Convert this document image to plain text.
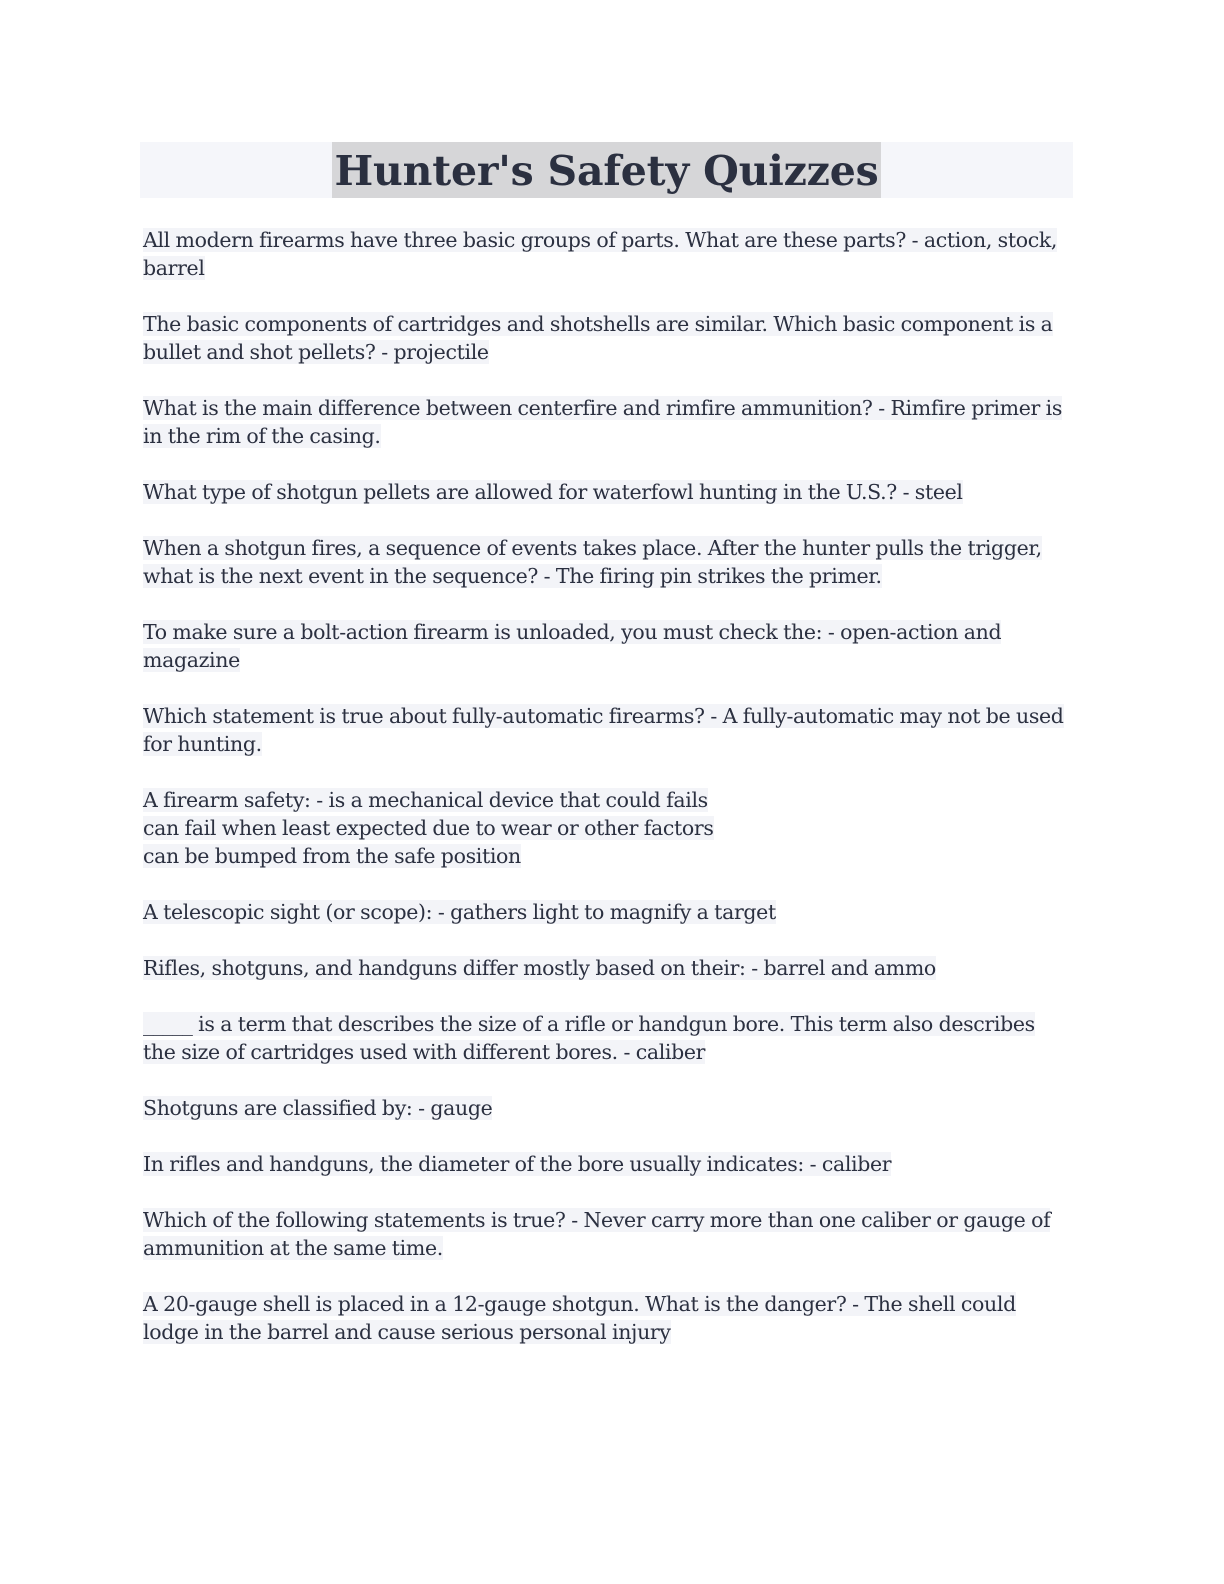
Hunter's Safety Quizzes

All modern firearms have three basic groups of parts. What are these parts? - action, stock, barrel

The basic components of cartridges and shotshells are similar. Which basic component is a bullet and shot pellets? - projectile

What is the main difference between centerfire and rimfire ammunition? - Rimfire primer is in the rim of the casing.

What type of shotgun pellets are allowed for waterfowl hunting in the U.S.? - steel

When a shotgun fires, a sequence of events takes place. After the hunter pulls the trigger, what is the next event in the sequence? - The firing pin strikes the primer.

To make sure a bolt-action firearm is unloaded, you must check the: - open-action and magazine

Which statement is true about fully-automatic firearms? - A fully-automatic may not be used for hunting.

A firearm safety: - is a mechanical device that could fails
can fail when least expected due to wear or other factors
can be bumped from the safe position

A telescopic sight (or scope): - gathers light to magnify a target

Rifles, shotguns, and handguns differ mostly based on their: - barrel and ammo

_____ is a term that describes the size of a rifle or handgun bore. This term also describes the size of cartridges used with different bores. - caliber

Shotguns are classified by: - gauge

In rifles and handguns, the diameter of the bore usually indicates: - caliber

Which of the following statements is true? - Never carry more than one caliber or gauge of ammunition at the same time.

A 20-gauge shell is placed in a 12-gauge shotgun. What is the danger? - The shell could lodge in the barrel and cause serious personal injury
